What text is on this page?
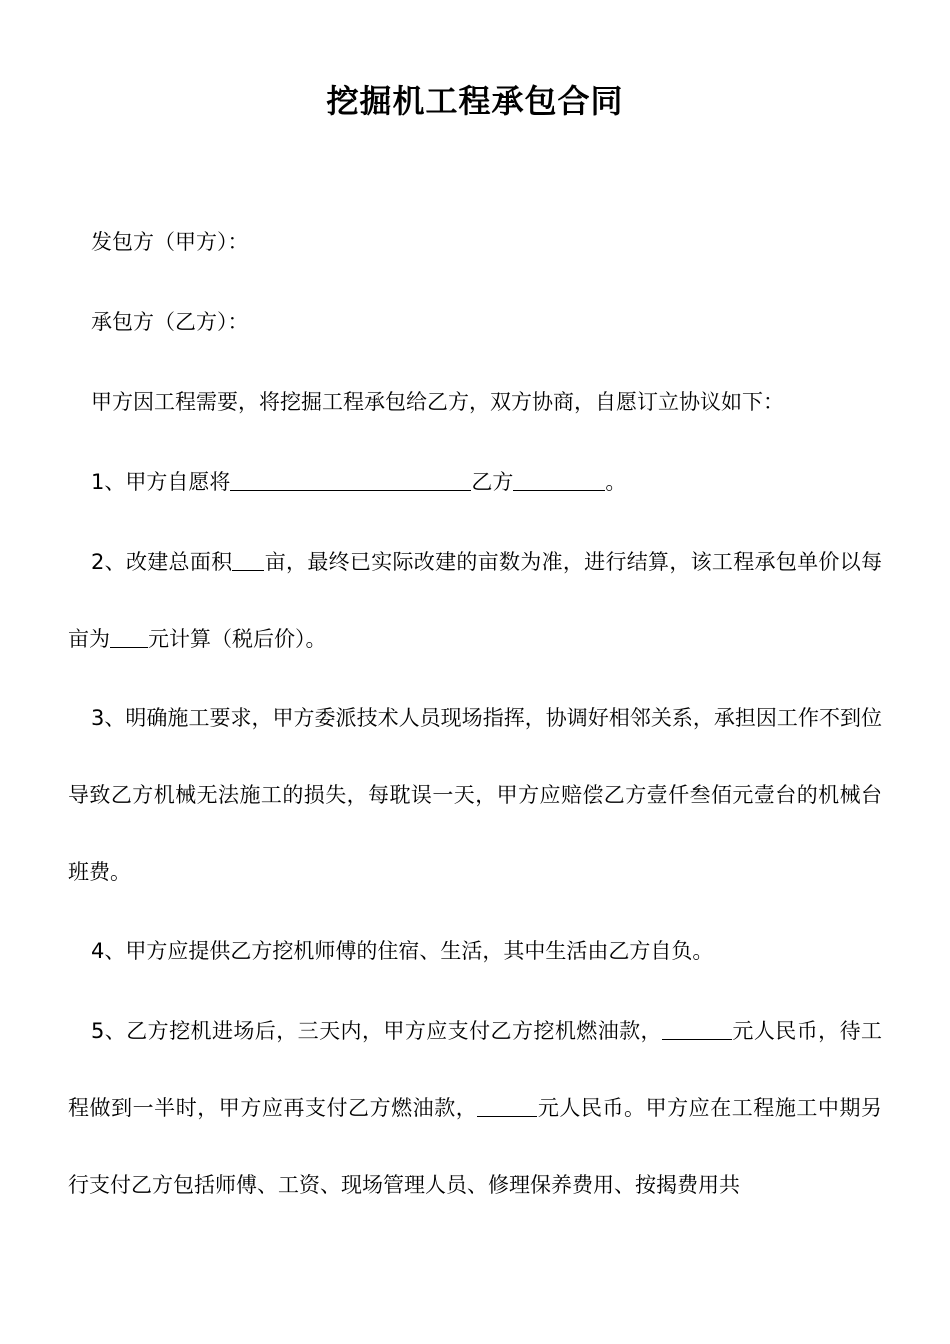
挖掘机工程承包合同

发包方（甲方）：

承包方（乙方）：

甲方因工程需要，将挖掘工程承包给乙方，双方协商，自愿订立协议如下：

1、甲方自愿将	乙方	。

2、改建总面积 亩，最终已实际改建的亩数为准，进行结算，该工程承包单价以每亩为 元计算（税后价）。

3、明确施工要求，甲方委派技术人员现场指挥，协调好相邻关系，承担因工作不到位导致乙方机械无法施工的损失，每耽误一天，甲方应赔偿乙方壹仟叁佰元壹台的机械台班费。

4、甲方应提供乙方挖机师傅的住宿、生活，其中生活由乙方自负。

5、乙方挖机进场后，三天内，甲方应支付乙方挖机燃油款，	元人民币，待工程做到一半时，甲方应再支付乙方燃油款，	元人民币。甲方应在工程施工中期另行支付乙方包括师傅、工资、现场管理人员、修理保养费用、按揭费用共
